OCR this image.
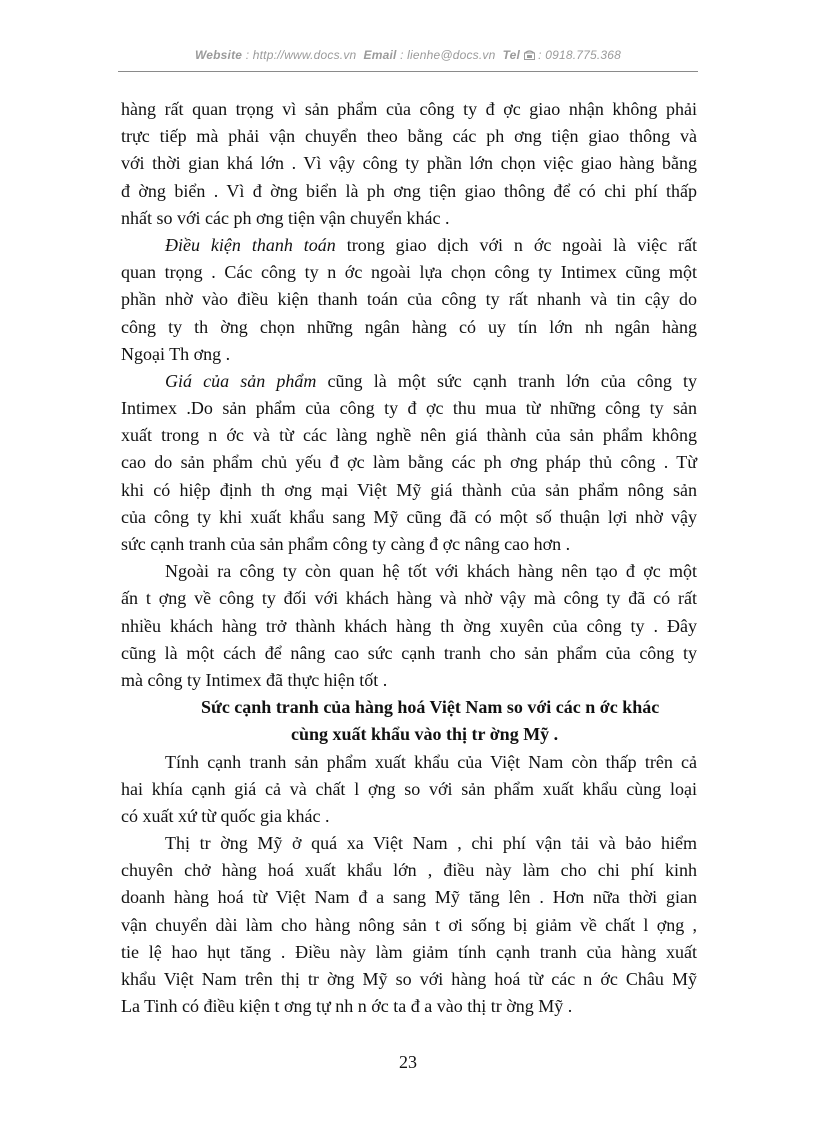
Website : http://www.docs.vn Email : lienhe@docs.vn Tel : 0918.775.368
hàng rất quan trọng vì sản phẩm của công ty đ ợc giao nhận không phải
trực tiếp mà phải vận chuyển theo bằng các ph ơng tiện giao thông và
với thời gian khá lớn . Vì vậy công ty phần lớn chọn việc giao hàng bằng
đ ờng biển . Vì đ ờng biển là ph ơng tiện giao thông để có chi phí thấp
nhất so với các ph ơng tiện vận chuyển khác .
Điều kiện thanh toán trong giao dịch với n ớc ngoài là việc rất
quan trọng . Các công ty n ớc ngoài lựa chọn công ty Intimex cũng một
phần nhờ vào điều kiện thanh toán của công ty rất nhanh và tin cậy do
công ty th ờng chọn những ngân hàng có uy tín lớn nh ngân hàng
Ngoại Th ơng .
Giá của sản phẩm cũng là một sức cạnh tranh lớn của công ty
Intimex .Do sản phẩm của công ty đ ợc thu mua từ những công ty sản
xuất trong n ớc và từ các làng nghề nên giá thành của sản phẩm không
cao do sản phẩm chủ yếu đ ợc làm bằng các ph ơng pháp thủ công . Từ
khi có hiệp định th ơng mại Việt Mỹ giá thành của sản phẩm nông sản
của công ty khi xuất khẩu sang Mỹ cũng đã có một số thuận lợi nhờ vậy
sức cạnh tranh của sản phẩm công ty càng đ ợc nâng cao hơn .
Ngoài ra công ty còn quan hệ tốt với khách hàng nên tạo đ ợc một
ấn t ợng về công ty đối với khách hàng và nhờ vậy mà công ty đã có rất
nhiều khách hàng trở thành khách hàng th ờng xuyên của công ty . Đây
cũng là một cách để nâng cao sức cạnh tranh cho sản phẩm của công ty
mà công ty Intimex đã thực hiện tốt .
Sức cạnh tranh của hàng hoá Việt Nam so với các n ớc khác
cùng xuất khẩu vào thị tr ờng Mỹ .
Tính cạnh tranh sản phẩm xuất khẩu của Việt Nam còn thấp trên cả
hai khía cạnh giá cả và chất l ợng so với sản phẩm xuất khẩu cùng loại
có xuất xứ từ quốc gia khác .
Thị tr ờng Mỹ ở quá xa Việt Nam , chi phí vận tải và bảo hiểm
chuyên chở hàng hoá xuất khẩu lớn , điều này làm cho chi phí kinh
doanh hàng hoá từ Việt Nam đ a sang Mỹ tăng lên . Hơn nữa thời gian
vận chuyển dài làm cho hàng nông sản t ơi sống bị giảm về chất l ợng ,
tie lệ hao hụt tăng . Điều này làm giảm tính cạnh tranh của hàng xuất
khẩu Việt Nam trên thị tr ờng Mỹ so với hàng hoá từ các n ớc Châu Mỹ
La Tinh có điều kiện t ơng tự nh n ớc ta đ a vào thị tr ờng Mỹ .
23
